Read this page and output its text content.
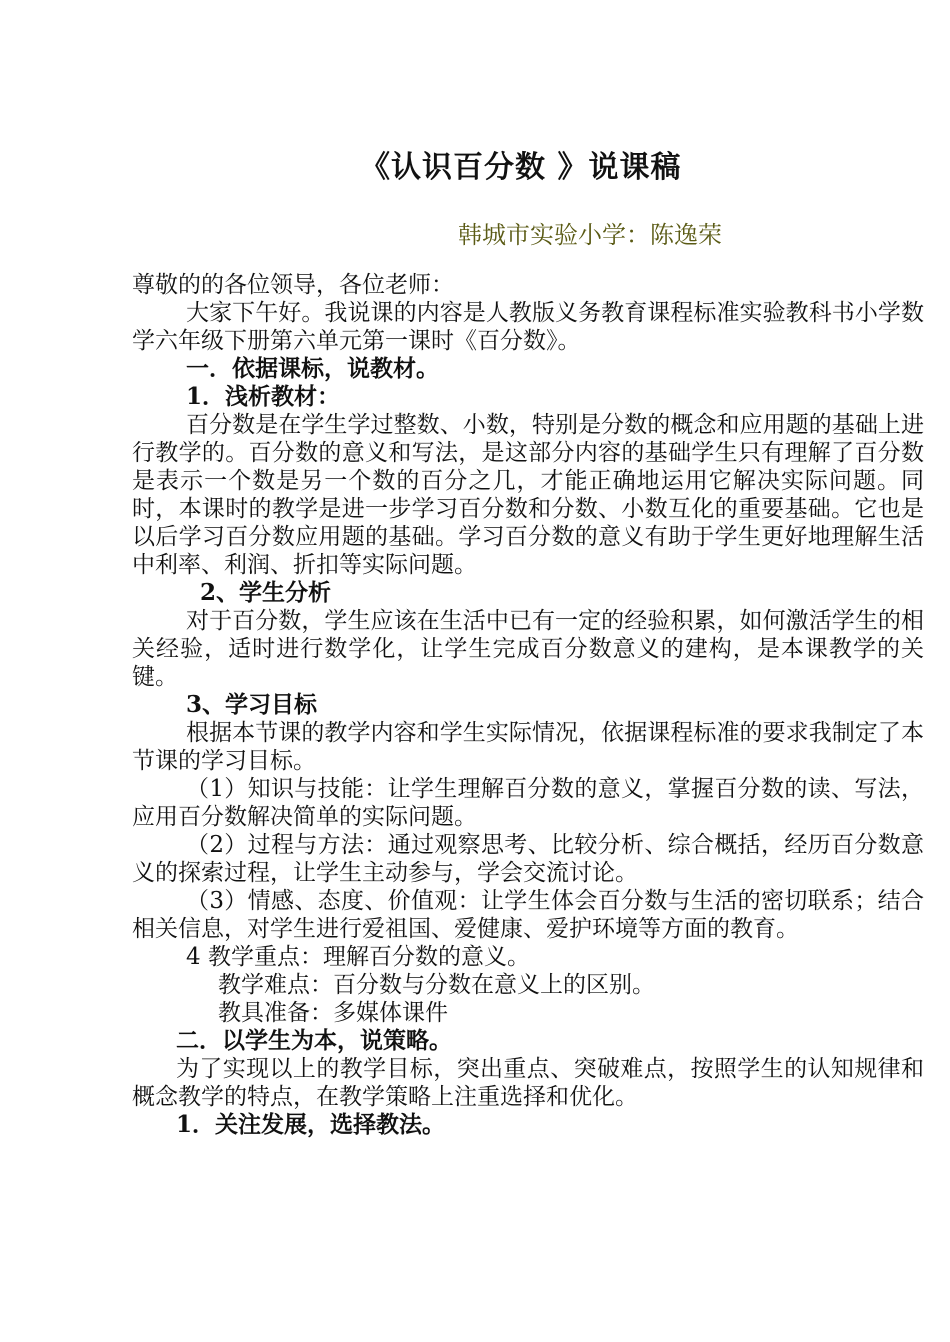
《认识百分数 》说课稿
韩城市实验小学：陈逸荣

尊敬的的各位领导，各位老师：

大家下午好。我说课的内容是人教版义务教育课程标准实验教科书小学数学六年级下册第六单元第一课时《百分数》。

一．依据课标，说教材。

1．浅析教材：

百分数是在学生学过整数、小数，特别是分数的概念和应用题的基础上进行教学的。百分数的意义和写法，是这部分内容的基础学生只有理解了百分数是表示一个数是另一个数的百分之几，才能正确地运用它解决实际问题。同时，本课时的教学是进一步学习百分数和分数、小数互化的重要基础。它也是以后学习百分数应用题的基础。学习百分数的意义有助于学生更好地理解生活中利率、利润、折扣等实际问题。

2、学生分析

对于百分数，学生应该在生活中已有一定的经验积累，如何激活学生的相关经验，适时进行数学化，让学生完成百分数意义的建构，是本课教学的关键。

3、学习目标

根据本节课的教学内容和学生实际情况，依据课程标准的要求我制定了本节课的学习目标。

（1）知识与技能：让学生理解百分数的意义，掌握百分数的读、写法，应用百分数解决简单的实际问题。

（2）过程与方法：通过观察思考、比较分析、综合概括，经历百分数意义的探索过程，让学生主动参与，学会交流讨论。

（3）情感、态度、价值观：让学生体会百分数与生活的密切联系；结合相关信息，对学生进行爱祖国、爱健康、爱护环境等方面的教育。

4 教学重点：理解百分数的意义。

教学难点：百分数与分数在意义上的区别。

教具准备：多媒体课件

二．以学生为本，说策略。

为了实现以上的教学目标，突出重点、突破难点，按照学生的认知规律和概念教学的特点，在教学策略上注重选择和优化。

1．关注发展，选择教法。
